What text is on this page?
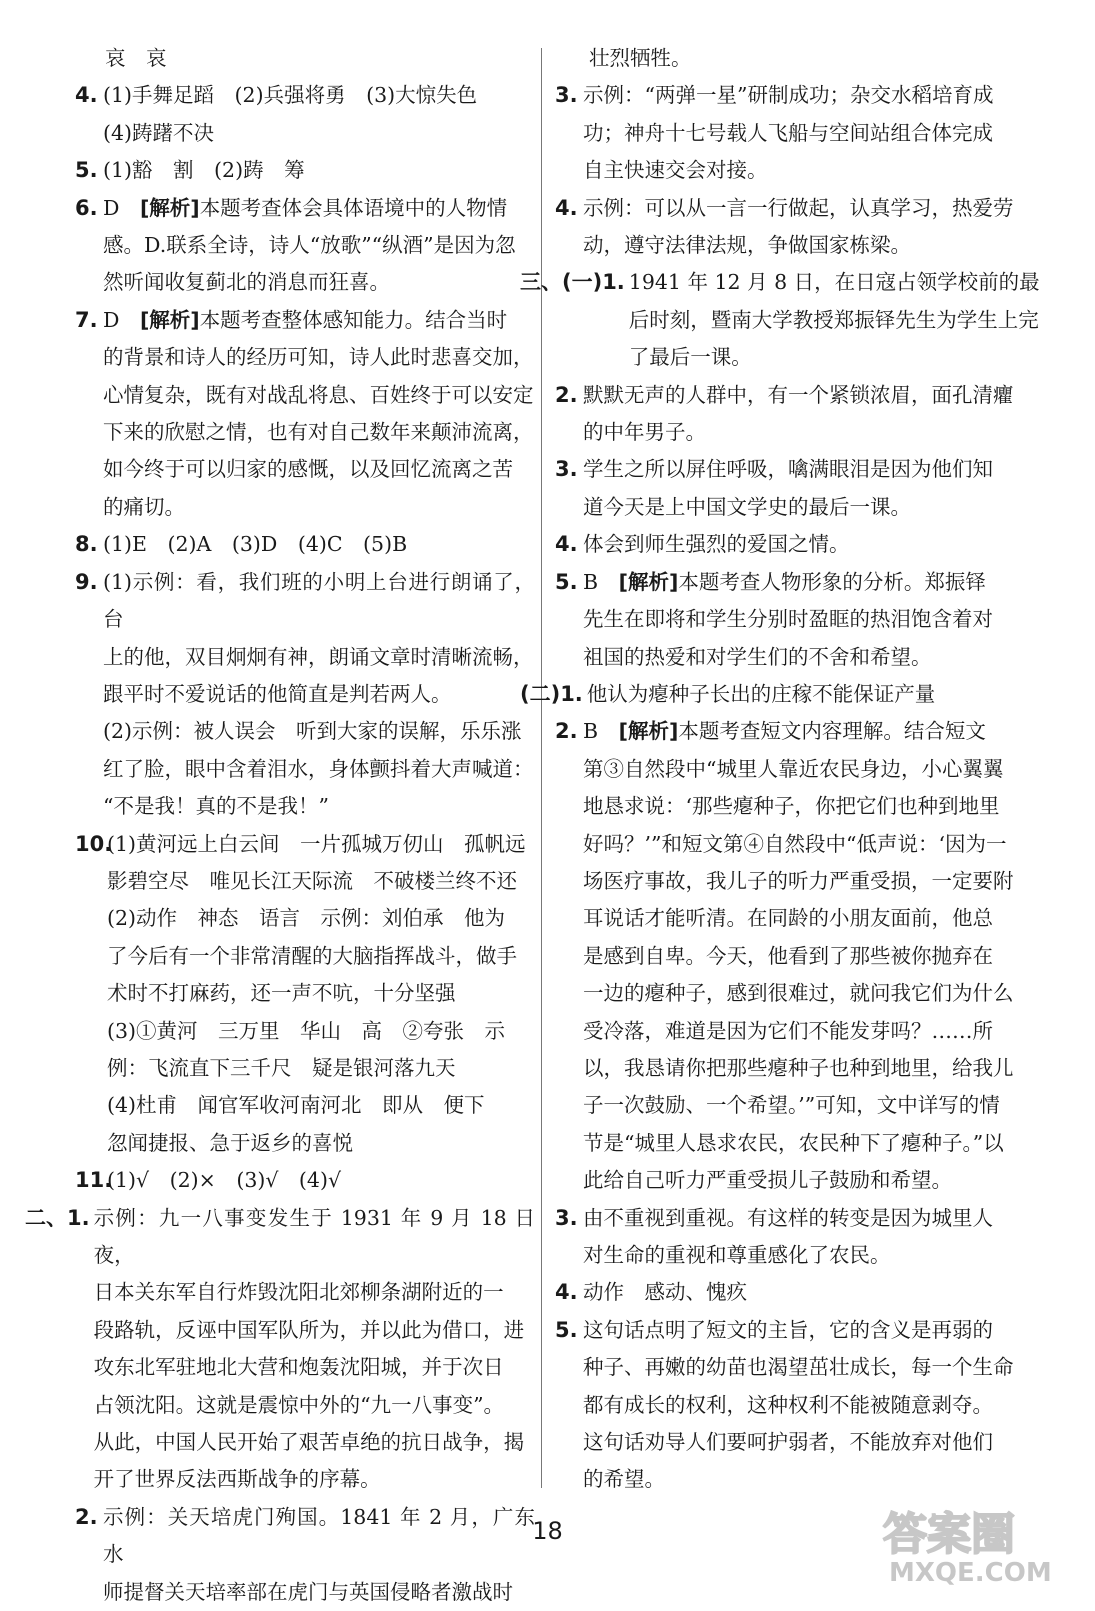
哀　哀
4. (1)手舞足蹈　(2)兵强将勇　(3)大惊失色
(4)踌躇不决
5. (1)豁　割　(2)踌　筹
6. D　[解析]本题考查体会具体语境中的人物情
感。D.联系全诗，诗人“放歌”“纵酒”是因为忽
然听闻收复蓟北的消息而狂喜。
7. D　[解析]本题考查整体感知能力。结合当时
的背景和诗人的经历可知，诗人此时悲喜交加，
心情复杂，既有对战乱将息、百姓终于可以安定
下来的欣慰之情，也有对自己数年来颠沛流离，
如今终于可以归家的感慨，以及回忆流离之苦
的痛切。
8. (1)E　(2)A　(3)D　(4)C　(5)B
9. (1)示例：看，我们班的小明上台进行朗诵了，台
上的他，双目炯炯有神，朗诵文章时清晰流畅，
跟平时不爱说话的他简直是判若两人。
(2)示例：被人误会　听到大家的误解，乐乐涨
红了脸，眼中含着泪水，身体颤抖着大声喊道：
“不是我！真的不是我！”
10.
(1)黄河远上白云间　一片孤城万仞山　孤帆远
影碧空尽　唯见长江天际流　不破楼兰终不还
(2)动作　神态　语言　示例：刘伯承　他为
了今后有一个非常清醒的大脑指挥战斗，做手
术时不打麻药，还一声不吭，十分坚强
(3)①黄河　三万里　华山　高　②夸张　示
例：飞流直下三千尺　疑是银河落九天
(4)杜甫　闻官军收河南河北　即从　便下
忽闻捷报、急于返乡的喜悦
11.
(1)√　(2)×　(3)√　(4)√
二、1. 示例：九一八事变发生于 1931 年 9 月 18 日夜，
日本关东军自行炸毁沈阳北郊柳条湖附近的一
段路轨，反诬中国军队所为，并以此为借口，进
攻东北军驻地北大营和炮轰沈阳城，并于次日
占领沈阳。这就是震惊中外的“九一八事变”。
从此，中国人民开始了艰苦卓绝的抗日战争，揭
开了世界反法西斯战争的序幕。
2. 示例：关天培虎门殉国。1841 年 2 月，广东水
师提督关天培率部在虎门与英国侵略者激战时
壮烈牺牲。
3. 示例：“两弹一星”研制成功；杂交水稻培育成
功；神舟十七号载人飞船与空间站组合体完成
自主快速交会对接。
4. 示例：可以从一言一行做起，认真学习，热爱劳
动，遵守法律法规，争做国家栋梁。
三、(一)1. 1941 年 12 月 8 日，在日寇占领学校前的最
后时刻，暨南大学教授郑振铎先生为学生上完
了最后一课。
2. 默默无声的人群中，有一个紧锁浓眉，面孔清癯
的中年男子。
3. 学生之所以屏住呼吸，噙满眼泪是因为他们知
道今天是上中国文学史的最后一课。
4. 体会到师生强烈的爱国之情。
5. B　[解析]本题考查人物形象的分析。郑振铎
先生在即将和学生分别时盈眶的热泪饱含着对
祖国的热爱和对学生们的不舍和希望。
(二)1. 他认为瘪种子长出的庄稼不能保证产量
2. B　[解析]本题考查短文内容理解。结合短文
第③自然段中“城里人靠近农民身边，小心翼翼
地恳求说：‘那些瘪种子，你把它们也种到地里
好吗？’”和短文第④自然段中“低声说：‘因为一
场医疗事故，我儿子的听力严重受损，一定要附
耳说话才能听清。在同龄的小朋友面前，他总
是感到自卑。今天，他看到了那些被你抛弃在
一边的瘪种子，感到很难过，就问我它们为什么
受冷落，难道是因为它们不能发芽吗？……所
以，我恳请你把那些瘪种子也种到地里，给我儿
子一次鼓励、一个希望。’”可知，文中详写的情
节是“城里人恳求农民，农民种下了瘪种子。”以
此给自己听力严重受损儿子鼓励和希望。
3. 由不重视到重视。有这样的转变是因为城里人
对生命的重视和尊重感化了农民。
4. 动作　感动、愧疚
5. 这句话点明了短文的主旨，它的含义是再弱的
种子、再嫩的幼苗也渴望茁壮成长，每一个生命
都有成长的权利，这种权利不能被随意剥夺。
这句话劝导人们要呵护弱者，不能放弃对他们
的希望。
18	答案圈
MXQE.COM
